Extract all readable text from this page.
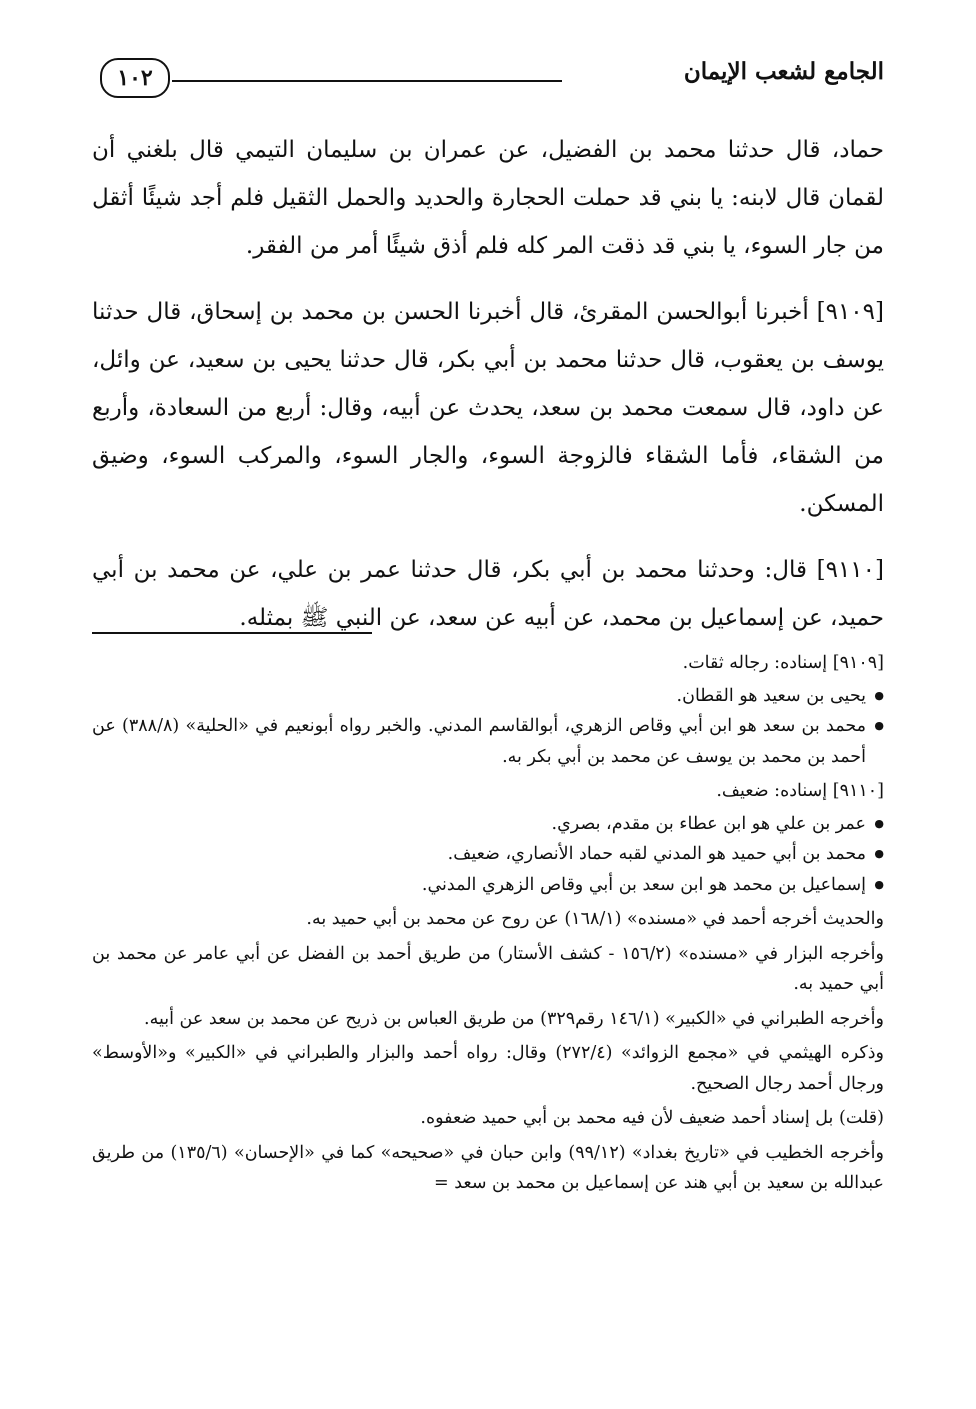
١٠٢	الجامع لشعب الإيمان

حماد، قال حدثنا محمد بن الفضيل، عن عمران بن سليمان التيمي قال بلغني أن لقمان قال لابنه: يا بني قد حملت الحجارة والحديد والحمل الثقيل فلم أجد شيئًا أثقل من جار السوء، يا بني قد ذقت المر كله فلم أذق شيئًا أمر من الفقر.

[٩١٠٩] أخبرنا أبوالحسن المقرئ، قال أخبرنا الحسن بن محمد بن إسحاق، قال حدثنا يوسف بن يعقوب، قال حدثنا محمد بن أبي بكر، قال حدثنا يحيى بن سعيد، عن وائل، عن داود، قال سمعت محمد بن سعد، يحدث عن أبيه، وقال: أربع من السعادة، وأربع من الشقاء، فأما الشقاء فالزوجة السوء، والجار السوء، والمركب السوء، وضيق المسكن.

[٩١١٠] قال: وحدثنا محمد بن أبي بكر، قال حدثنا عمر بن علي، عن محمد بن أبي حميد، عن إسماعيل بن محمد، عن أبيه عن سعد، عن النبي ﷺ بمثله.

[٩١٠٩] إسناده: رجاله ثقات.

● يحيى بن سعيد هو القطان.
● محمد بن سعد هو ابن أبي وقاص الزهري، أبوالقاسم المدني. والخبر رواه أبونعيم في «الحلية» (٣٨٨/٨) عن أحمد بن محمد بن يوسف عن محمد بن أبي بكر به.

[٩١١٠] إسناده: ضعيف.

● عمر بن علي هو ابن عطاء بن مقدم، بصري.
● محمد بن أبي حميد هو المدني لقبه حماد الأنصاري، ضعيف.
● إسماعيل بن محمد هو ابن سعد بن أبي وقاص الزهري المدني.

والحديث أخرجه أحمد في «مسنده» (١٦٨/١) عن روح عن محمد بن أبي حميد به.

وأخرجه البزار في «مسنده» (١٥٦/٢ - كشف الأستار) من طريق أحمد بن الفضل عن أبي عامر عن محمد بن أبي حميد به.

وأخرجه الطبراني في «الكبير» (١٤٦/١ رقم٣٢٩) من طريق العباس بن ذريح عن محمد بن سعد عن أبيه.

وذكره الهيثمي في «مجمع الزوائد» (٢٧٢/٤) وقال: رواه أحمد والبزار والطبراني في «الكبير» و«الأوسط» ورجال أحمد رجال الصحيح.

(قلت) بل إسناد أحمد ضعيف لأن فيه محمد بن أبي حميد ضعفوه.

وأخرجه الخطيب في «تاريخ بغداد» (٩٩/١٢) وابن حبان في «صحيحه» كما في «الإحسان» (١٣٥/٦) من طريق عبدالله بن سعيد بن أبي هند عن إسماعيل بن محمد بن سعد =
